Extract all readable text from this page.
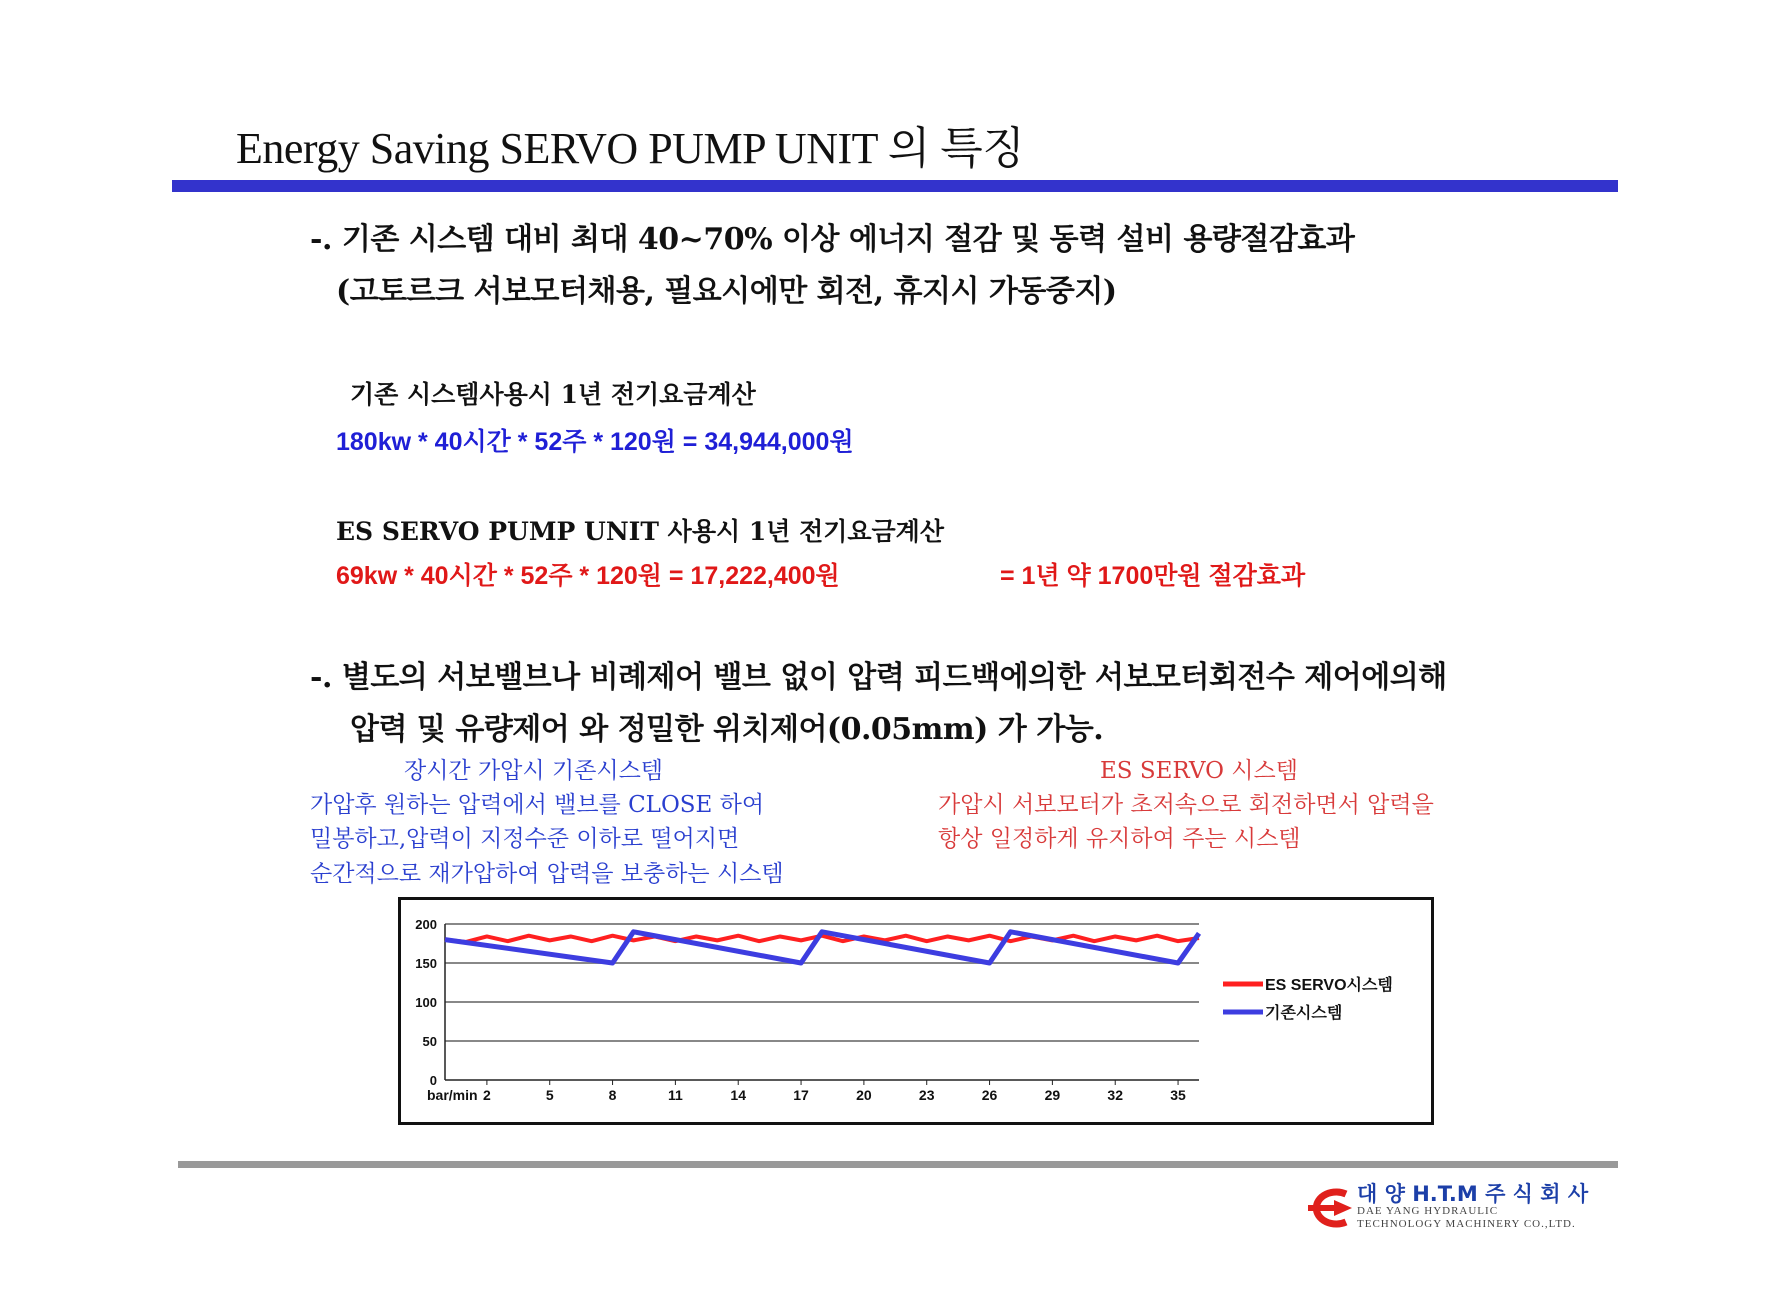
Energy Saving SERVO PUMP UNIT 의 특징
-. 기존 시스템 대비 최대 40~70% 이상 에너지 절감 및 동력 설비 용량절감효과
(고토르크 서보모터채용, 필요시에만 회전, 휴지시 가동중지)
기존 시스템사용시 1년 전기요금계산
180kw * 40시간 * 52주 * 120원 = 34,944,000원
ES SERVO PUMP UNIT 사용시 1년 전기요금계산
69kw * 40시간 * 52주 * 120원 = 17,222,400원	= 1년 약 1700만원 절감효과
-. 별도의 서보밸브나 비례제어 밸브 없이 압력 피드백에의한 서보모터회전수 제어에의해
압력 및 유량제어 와 정밀한 위치제어(0.05mm) 가 가능.
장시간 가압시 기존시스템
가압후 원하는 압력에서 밸브를 CLOSE 하여
밀봉하고,압력이 지정수준 이하로 떨어지면
순간적으로 재가압하여 압력을 보충하는 시스템
ES SERVO 시스템
가압시 서보모터가 초저속으로 회전하면서 압력을
항상 일정하게 유지하여 주는 시스템
0
50
100
150
200
bar/min 2	5	8	11	14	17	20	23	26	29	32	35
ES SERVO시스템
기존시스템
대 양 H.T.M 주 식 회 사
DAE YANG HYDRAULIC
TECHNOLOGY MACHINERY CO.,LTD.
